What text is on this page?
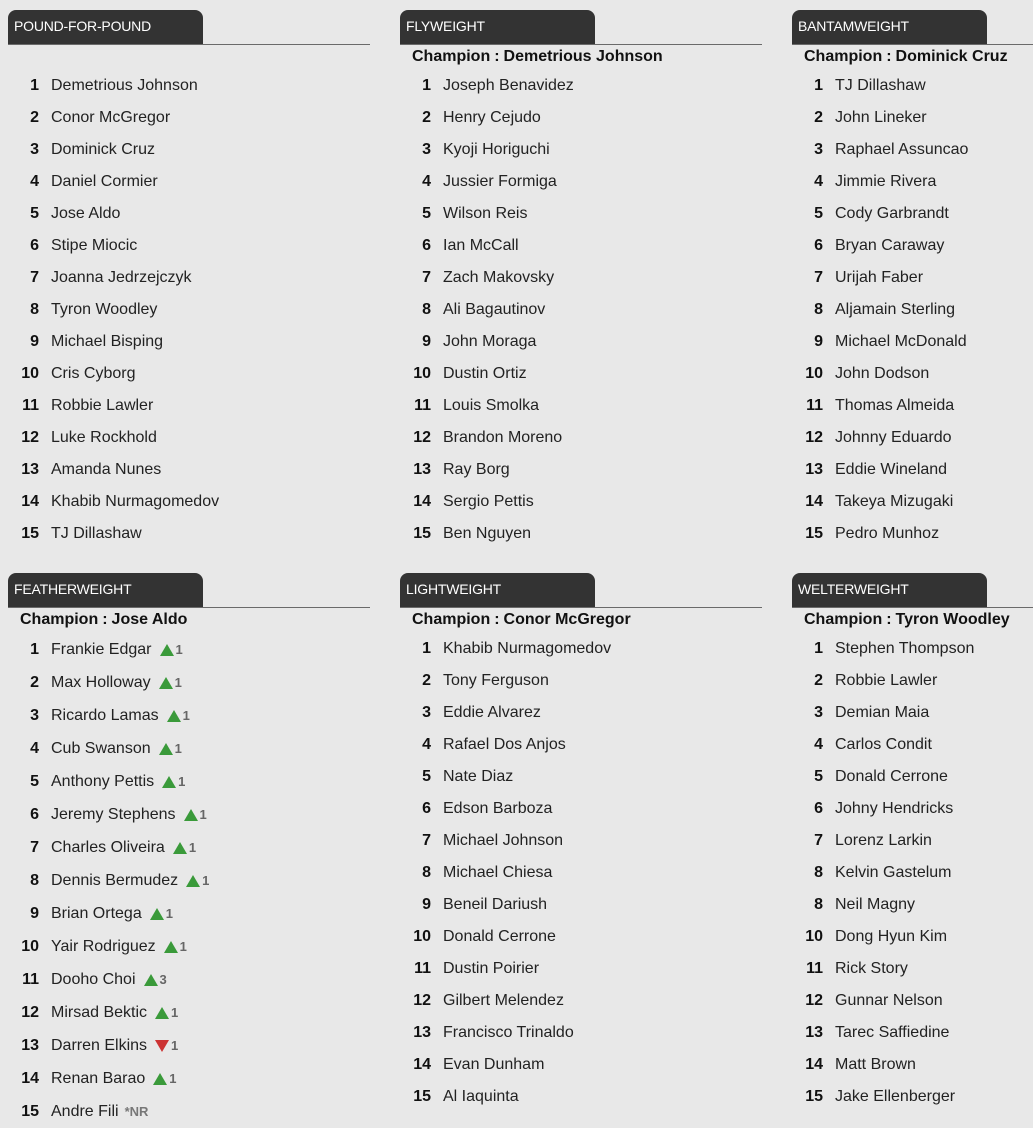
POUND-FOR-POUND
1 Demetrious Johnson
2 Conor McGregor
3 Dominick Cruz
4 Daniel Cormier
5 Jose Aldo
6 Stipe Miocic
7 Joanna Jedrzejczyk
8 Tyron Woodley
9 Michael Bisping
10 Cris Cyborg
11 Robbie Lawler
12 Luke Rockhold
13 Amanda Nunes
14 Khabib Nurmagomedov
15 TJ Dillashaw
FLYWEIGHT
Champion : Demetrious Johnson
1 Joseph Benavidez
2 Henry Cejudo
3 Kyoji Horiguchi
4 Jussier Formiga
5 Wilson Reis
6 Ian McCall
7 Zach Makovsky
8 Ali Bagautinov
9 John Moraga
10 Dustin Ortiz
11 Louis Smolka
12 Brandon Moreno
13 Ray Borg
14 Sergio Pettis
15 Ben Nguyen
BANTAMWEIGHT
Champion : Dominick Cruz
1 TJ Dillashaw
2 John Lineker
3 Raphael Assuncao
4 Jimmie Rivera
5 Cody Garbrandt
6 Bryan Caraway
7 Urijah Faber
8 Aljamain Sterling
9 Michael McDonald
10 John Dodson
11 Thomas Almeida
12 Johnny Eduardo
13 Eddie Wineland
14 Takeya Mizugaki
15 Pedro Munhoz
FEATHERWEIGHT
Champion : Jose Aldo
1 Frankie Edgar 1
2 Max Holloway 1
3 Ricardo Lamas 1
4 Cub Swanson 1
5 Anthony Pettis 1
6 Jeremy Stephens 1
7 Charles Oliveira 1
8 Dennis Bermudez 1
9 Brian Ortega 1
10 Yair Rodriguez 1
11 Dooho Choi 3
12 Mirsad Bektic 1
13 Darren Elkins 1
14 Renan Barao 1
15 Andre Fili *NR
LIGHTWEIGHT
Champion : Conor McGregor
1 Khabib Nurmagomedov
2 Tony Ferguson
3 Eddie Alvarez
4 Rafael Dos Anjos
5 Nate Diaz
6 Edson Barboza
7 Michael Johnson
8 Michael Chiesa
9 Beneil Dariush
10 Donald Cerrone
11 Dustin Poirier
12 Gilbert Melendez
13 Francisco Trinaldo
14 Evan Dunham
15 Al Iaquinta
WELTERWEIGHT
Champion : Tyron Woodley
1 Stephen Thompson
2 Robbie Lawler
3 Demian Maia
4 Carlos Condit
5 Donald Cerrone
6 Johny Hendricks
7 Lorenz Larkin
8 Kelvin Gastelum
8 Neil Magny
10 Dong Hyun Kim
11 Rick Story
12 Gunnar Nelson
13 Tarec Saffiedine
14 Matt Brown
15 Jake Ellenberger
